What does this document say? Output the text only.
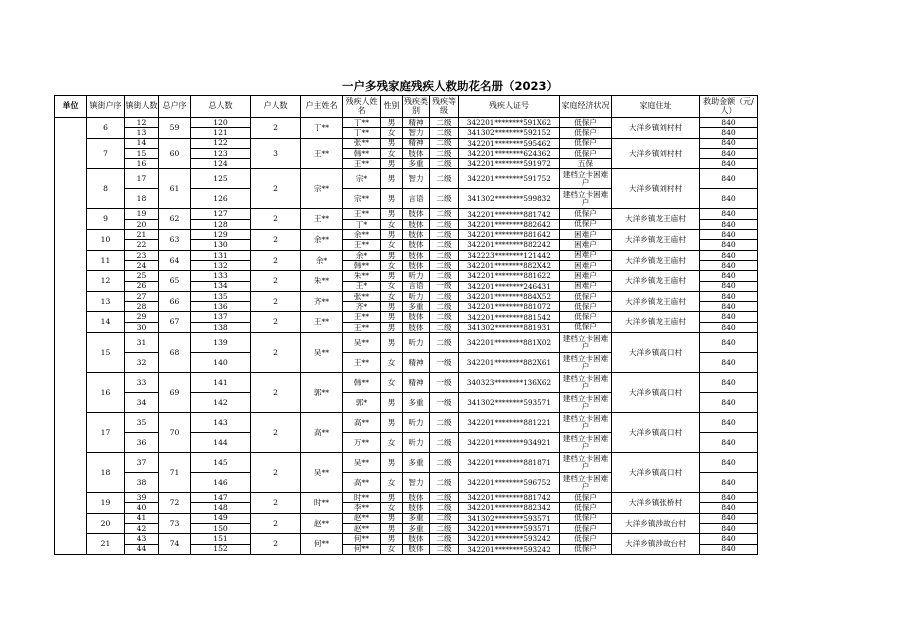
一户多残家庭残疾人救助花名册（2023）
单位	镇街户序	镇街人数	总户序	总人数	户人数	户主姓名	残疾人姓名	性别	残疾类别	残疾等级	残疾人证号	家庭经济状况	家庭住址	救助金额（元/人）
	6	12	59	120	2	丁**	丁**	男	精神	二级	342201********591X62	低保户	大洋乡镇刘村村	840
		13		121			丁**	女	智力	二级	341302********592152	低保户		840
	7	14	60	122	3	王**	张**	男	精神	二级	342201********595462	低保户	大洋乡镇刘村村	840
		15		123			韩**	女	肢体	二级	342201********624362	低保户		840
		16		124			王**	男	多重	二级	342201********591972	五保		840
	8	17	61	125	2	宗**	宗*	男	智力	二级	342201********591752	建档立卡困难户	大洋乡镇刘村村	840
		18		126			宗**	男	言语	二级	341302********599832	建档立卡困难户		840
	9	19	62	127	2	王**	王**	男	肢体	二级	342201********881742	低保户	大洋乡镇龙王庙村	840
		20		128			丁*	女	肢体	二级	342201********882642	低保户		840
	10	21	63	129	2	余**	余**	男	肢体	二级	342201********881642	困难户	大洋乡镇龙王庙村	840
		22		130			王**	女	肢体	二级	342201********882242	困难户		840
	11	23	64	131	2	余*	余*	男	肢体	二级	342223********121442	困难户	大洋乡镇龙王庙村	840
		24		132			韩**	女	肢体	二级	342201********882X42	困难户		840
	12	25	65	133	2	朱**	朱**	男	听力	二级	342201********881622	困难户	大洋乡镇龙王庙村	840
		26		134			王*	女	言语	一级	342201********246431	困难户		840
	13	27	66	135	2	齐**	张**	女	听力	二级	342201********884X52	低保户	大洋乡镇龙王庙村	840
		28		136			齐*	男	多重	二级	342201********881072	低保户		840
	14	29	67	137	2	王**	王**	男	肢体	二级	342201********881542	低保户	大洋乡镇龙王庙村	840
		30		138			王**	男	肢体	二级	341302********881931	低保户		840
	15	31	68	139	2	吴**	吴**	男	听力	二级	342201********881X02	建档立卡困难户	大洋乡镇高口村	840
		32		140			王**	女	精神	一级	342201********882X61	建档立卡困难户		840
	16	33	69	141	2	郭**	韩**	女	精神	一级	340323********136X62	建档立卡困难户	大洋乡镇高口村	840
		34		142			郭*	男	多重	一级	341302********593571	建档立卡困难户		840
	17	35	70	143	2	高**	高**	男	听力	二级	342201********881221	建档立卡困难户	大洋乡镇高口村	840
		36		144			万**	女	听力	二级	342201********934921	建档立卡困难户		840
	18	37	71	145	2	吴**	吴**	男	多重	二级	342201********881871	建档立卡困难户	大洋乡镇高口村	840
		38		146			高**	女	智力	二级	342201********596752	建档立卡困难户		840
	19	39	72	147	2	时**	时**	男	肢体	二级	342201********881742	低保户	大洋乡镇张桥村	840
		40		148			李**	女	肢体	二级	342201********882342	低保户		840
	20	41	73	149	2	赵**	赵**	男	多重	二级	341302********593571	低保户	大洋乡镇涉故台村	840
		42		150			赵**	男	多重	二级	342201********593571	低保户		840
	21	43	74	151	2	何**	何**	男	肢体	二级	342201********593242	低保户	大洋乡镇涉故台村	840
		44		152			何**	女	肢体	二级	342201********593242	低保户		840
